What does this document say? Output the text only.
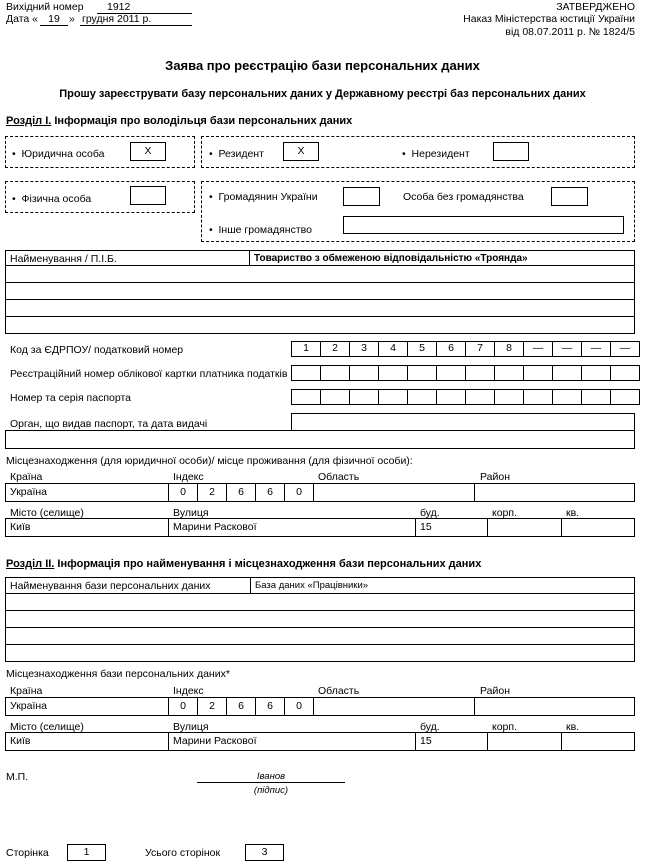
Вихідний номер	1912
Дата « 19 » грудня 2011 р.
ЗАТВЕРДЖЕНО
Наказ Міністерства юстиції України
від 08.07.2011 р. № 1824/5
Заява про реєстрацію бази персональних даних
Прошу зареєструвати базу персональних даних у Державному реєстрі баз персональних даних
Розділ І. Інформація про володільця бази персональних даних
•  Юридична особа	Х	•  Резидент	Х	•  Нерезидент
•  Фізична особа	•  Громадянин України	Особа без громадянства
•  Інше громадянство
Найменування / П.І.Б.	Товариство з обмеженою відповідальністю «Троянда»
Код за ЄДРПОУ/ податковий номер	1	2	3	4	5	6	7	8	—	—	—	—
Реєстраційний номер облікової картки платника податків
Номер та серія паспорта
Орган, що видав паспорт, та дата видачі
Місцезнаходження (для юридичної особи)/ місце проживання (для фізичної особи):
Країна	Індекс	Область	Район
Україна	0	2	6	6	0
Місто (селище)	Вулиця	буд.	корп.	кв.
Київ	Марини Раскової	15
Розділ ІІ. Інформація про найменування і місцезнаходження бази персональних даних
Найменування бази персональних даних	База даних «Працівники»
Місцезнаходження бази персональних даних*
Країна	Індекс	Область	Район
Україна	0	2	6	6	0
Місто (селище)	Вулиця	буд.	корп.	кв.
Київ	Марини Раскової	15
М.П.	Іванов
(підпис)
Сторінка	1	Усього сторінок	3
